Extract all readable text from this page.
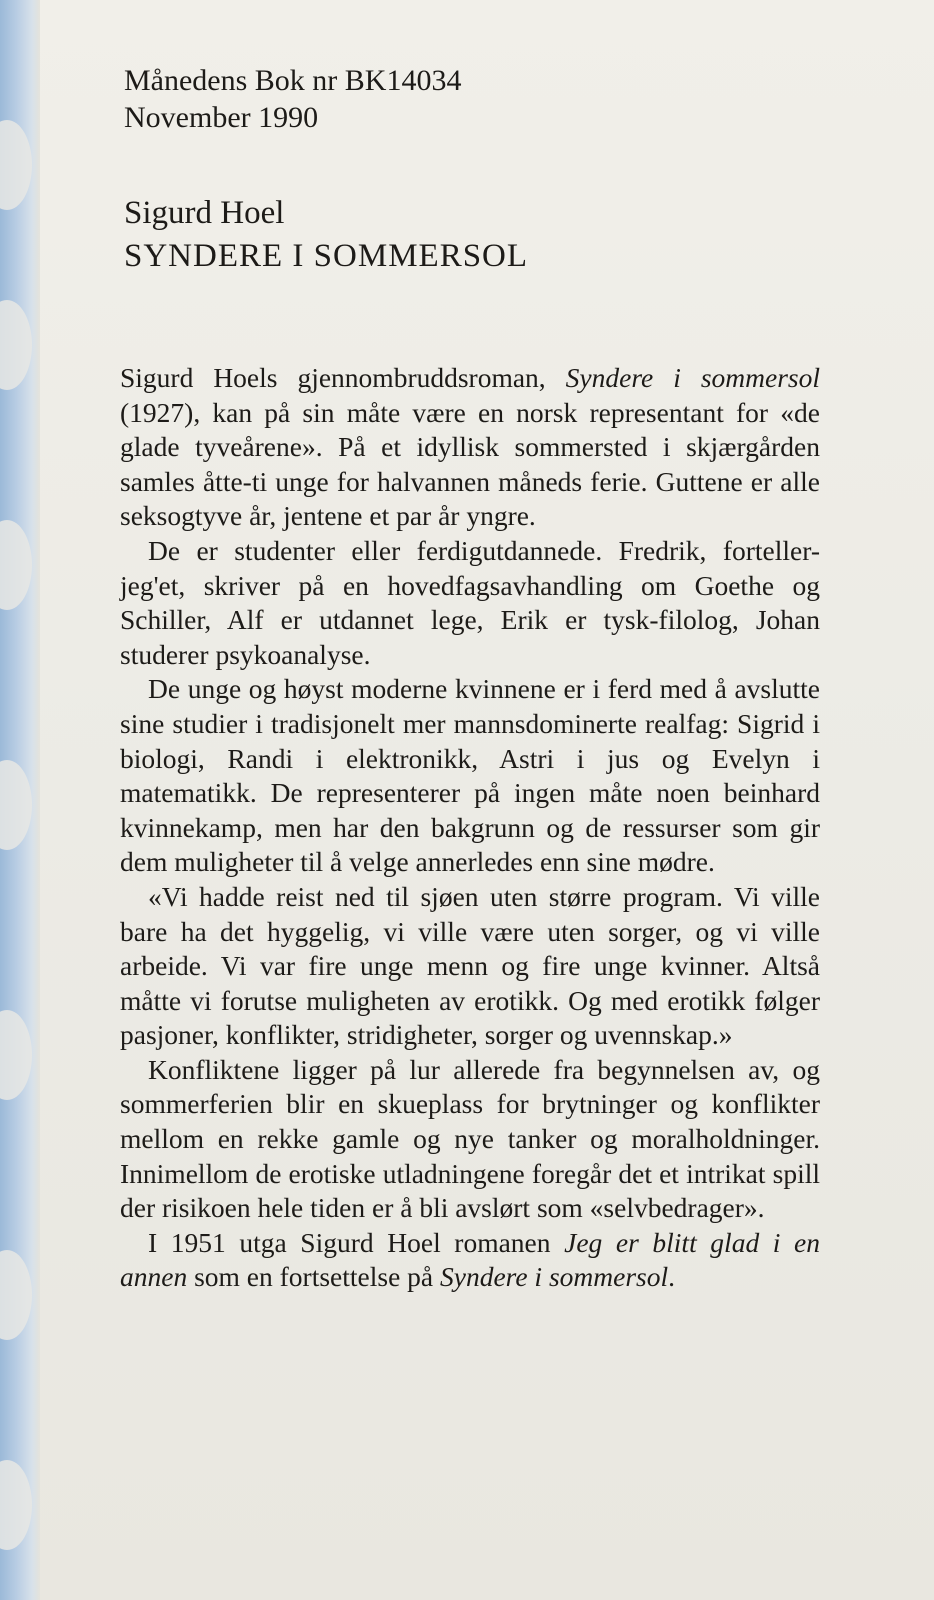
Månedens Bok nr BK14034
November 1990
Sigurd Hoel
SYNDERE I SOMMERSOL

Sigurd Hoels gjennombruddsroman, Syndere i sommersol (1927), kan på sin måte være en norsk representant for «de glade tyveårene». På et idyllisk sommersted i skjærgården samles åtte-ti unge for halvannen måneds ferie. Guttene er alle seksogtyve år, jentene et par år yngre.

De er studenter eller ferdigutdannede. Fredrik, forteller-jeg'et, skriver på en hovedfagsavhandling om Goethe og Schiller, Alf er utdannet lege, Erik er tysk-filolog, Johan studerer psykoanalyse.

De unge og høyst moderne kvinnene er i ferd med å avslutte sine studier i tradisjonelt mer mannsdominerte realfag: Sigrid i biologi, Randi i elektronikk, Astri i jus og Evelyn i matematikk. De representerer på ingen måte noen beinhard kvinnekamp, men har den bakgrunn og de ressurser som gir dem muligheter til å velge annerledes enn sine mødre.

«Vi hadde reist ned til sjøen uten større program. Vi ville bare ha det hyggelig, vi ville være uten sorger, og vi ville arbeide. Vi var fire unge menn og fire unge kvinner. Altså måtte vi forutse muligheten av erotikk. Og med erotikk følger pasjoner, konflikter, stridigheter, sorger og uvennskap.»

Konfliktene ligger på lur allerede fra begynnelsen av, og sommerferien blir en skueplass for brytninger og konflikter mellom en rekke gamle og nye tanker og moralholdninger. Innimellom de erotiske utladningene foregår det et intrikat spill der risikoen hele tiden er å bli avslørt som «selvbedrager».

I 1951 utga Sigurd Hoel romanen Jeg er blitt glad i en annen som en fortsettelse på Syndere i sommersol.
